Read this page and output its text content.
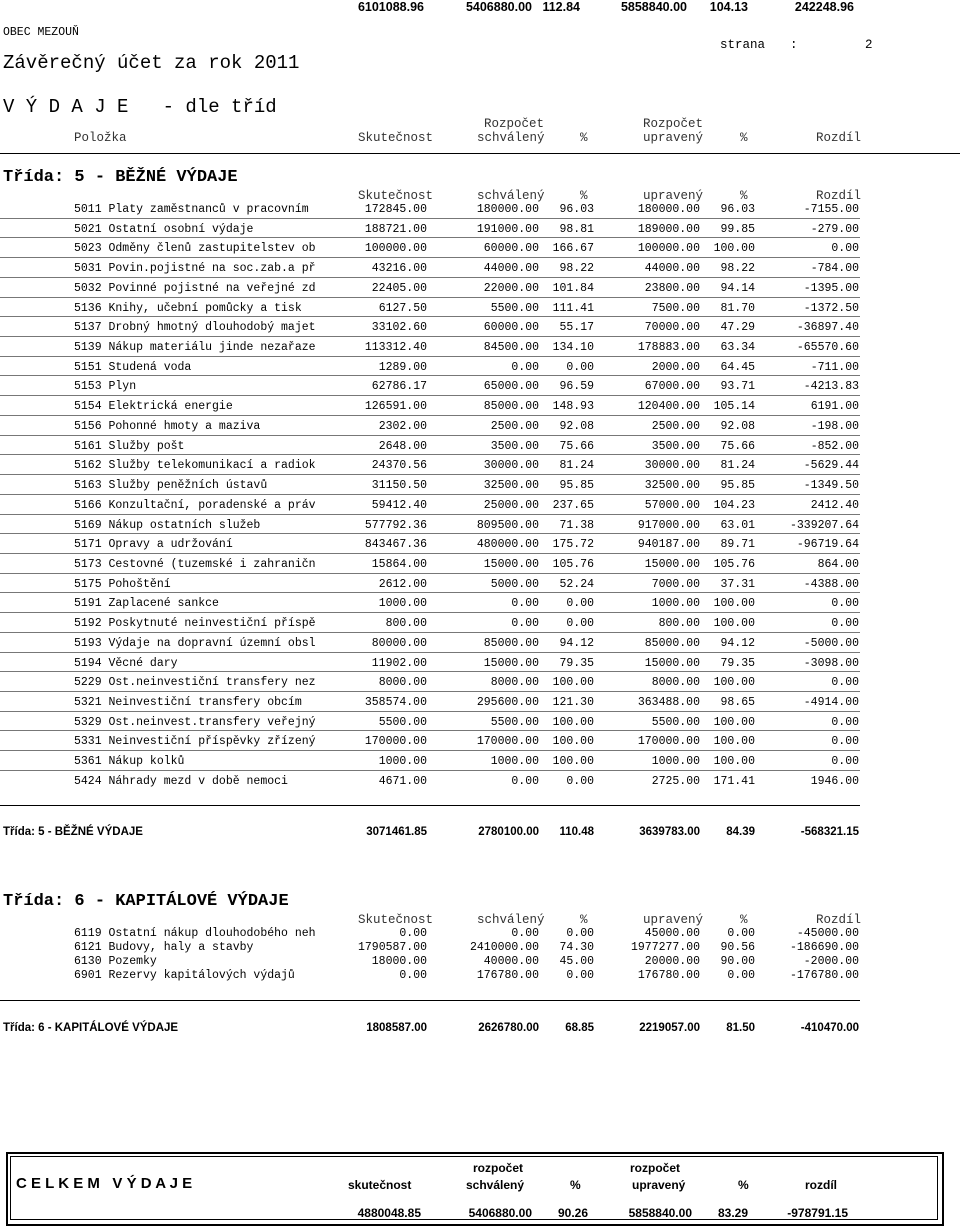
6101088.96	5406880.00 112.84	5858840.00	104.13	242248.96
OBEC MEZOUŇ
Závěrečný účet za rok 2011
strana :	2
V Ý D A J E   - dle tříd
Rozpočet	Rozpočet
Položka	Skutečnost	schválený	%	upravený	%	Rozdíl
Třída: 5 - BĚŽNÉ VÝDAJE
Skutečnost	schválený	%	upravený	%	Rozdíl
5011 Platy zaměstnanců v pracovním	172845.00	180000.00 96.03	180000.00 96.03	-7155.00
5021 Ostatní osobní výdaje	188721.00	191000.00 98.81	189000.00 99.85	-279.00
5023 Odměny členů zastupitelstev ob	100000.00	60000.00 166.67	100000.00 100.00	0.00
5031 Povin.pojistné na soc.zab.a př	43216.00	44000.00 98.22	44000.00 98.22	-784.00
5032 Povinné pojistné na veřejné zd	22405.00	22000.00 101.84	23800.00 94.14	-1395.00
5136 Knihy, učební pomůcky a tisk	6127.50	5500.00 111.41	7500.00 81.70	-1372.50
5137 Drobný hmotný dlouhodobý majet	33102.60	60000.00 55.17	70000.00 47.29	-36897.40
5139 Nákup materiálu jinde nezařaze	113312.40	84500.00 134.10	178883.00 63.34	-65570.60
5151 Studená voda	1289.00	0.00 0.00	2000.00 64.45	-711.00
5153 Plyn	62786.17	65000.00 96.59	67000.00 93.71	-4213.83
5154 Elektrická energie	126591.00	85000.00 148.93	120400.00 105.14	6191.00
5156 Pohonné hmoty a maziva	2302.00	2500.00 92.08	2500.00 92.08	-198.00
5161 Služby pošt	2648.00	3500.00 75.66	3500.00 75.66	-852.00
5162 Služby telekomunikací a radiok	24370.56	30000.00 81.24	30000.00 81.24	-5629.44
5163 Služby peněžních ústavů	31150.50	32500.00 95.85	32500.00 95.85	-1349.50
5166 Konzultační, poradenské a práv	59412.40	25000.00 237.65	57000.00 104.23	2412.40
5169 Nákup ostatních služeb	577792.36	809500.00 71.38	917000.00 63.01	-339207.64
5171 Opravy a udržování	843467.36	480000.00 175.72	940187.00 89.71	-96719.64
5173 Cestovné (tuzemské i zahraničn	15864.00	15000.00 105.76	15000.00 105.76	864.00
5175 Pohoštění	2612.00	5000.00 52.24	7000.00 37.31	-4388.00
5191 Zaplacené sankce	1000.00	0.00 0.00	1000.00 100.00	0.00
5192 Poskytnuté neinvestiční příspě	800.00	0.00 0.00	800.00 100.00	0.00
5193 Výdaje na dopravní územní obsl	80000.00	85000.00 94.12	85000.00 94.12	-5000.00
5194 Věcné dary	11902.00	15000.00 79.35	15000.00 79.35	-3098.00
5229 Ost.neinvestiční transfery nez	8000.00	8000.00 100.00	8000.00 100.00	0.00
5321 Neinvestiční transfery obcím	358574.00	295600.00 121.30	363488.00 98.65	-4914.00
5329 Ost.neinvest.transfery veřejný	5500.00	5500.00 100.00	5500.00 100.00	0.00
5331 Neinvestiční příspěvky zřízený	170000.00	170000.00 100.00	170000.00 100.00	0.00
5361 Nákup kolků	1000.00	1000.00 100.00	1000.00 100.00	0.00
5424 Náhrady mezd v době nemoci	4671.00	0.00 0.00	2725.00 171.41	1946.00
Třída: 5 - BĚŽNÉ VÝDAJE	3071461.85	2780100.00 110.48	3639783.00 84.39	-568321.15
Třída: 6 - KAPITÁLOVÉ VÝDAJE
Skutečnost	schválený	%	upravený	%	Rozdíl
6119 Ostatní nákup dlouhodobého neh	0.00	0.00 0.00	45000.00 0.00	-45000.00
6121 Budovy, haly a stavby	1790587.00	2410000.00 74.30	1977277.00 90.56	-186690.00
6130 Pozemky	18000.00	40000.00 45.00	20000.00 90.00	-2000.00
6901 Rezervy kapitálových výdajů	0.00	176780.00 0.00	176780.00 0.00	-176780.00
Třída: 6 - KAPITÁLOVÉ VÝDAJE	1808587.00	2626780.00 68.85	2219057.00 81.50	-410470.00
C E L K E M   V Ý D A J E
rozpočet	rozpočet
skutečnost	schválený	%	upravený	%	rozdíl
4880048.85	5406880.00	90.26	5858840.00	83.29	-978791.15
